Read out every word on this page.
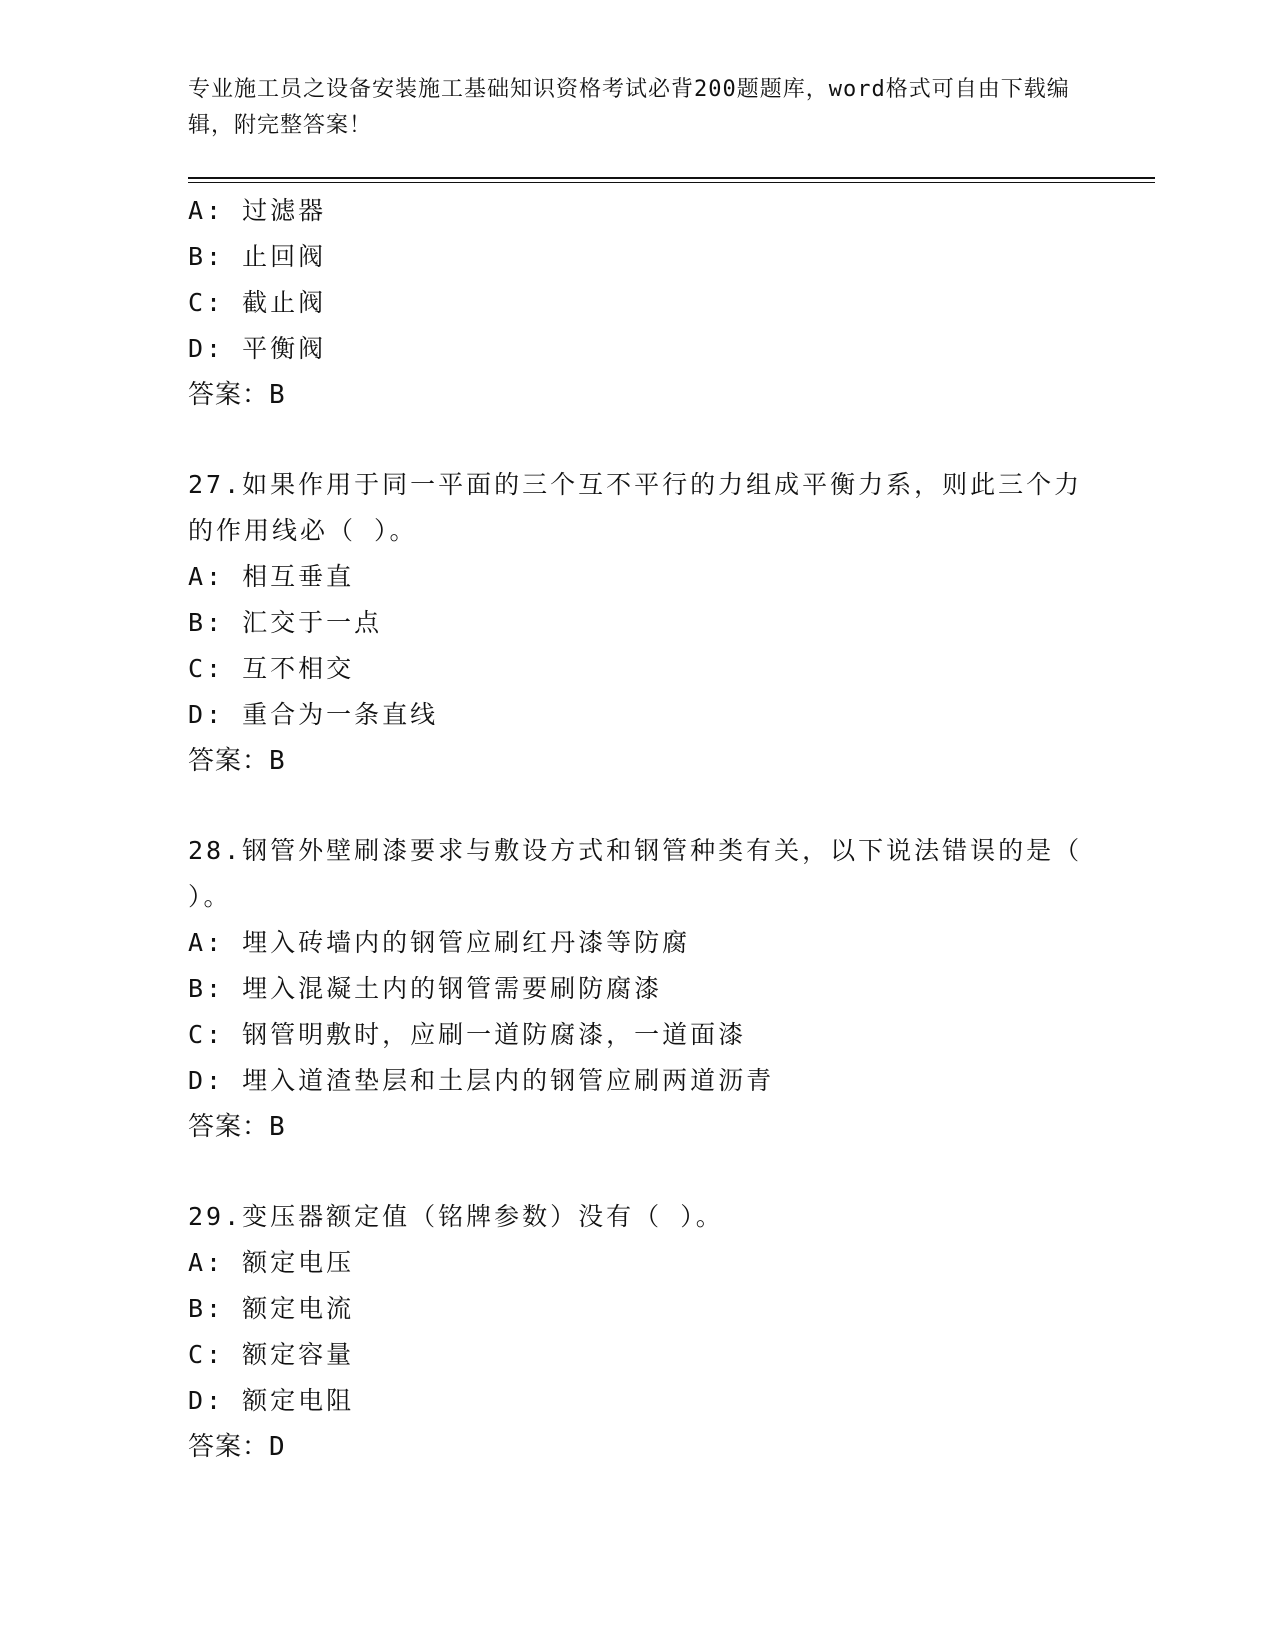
专业施工员之设备安装施工基础知识资格考试必背200题题库，word格式可自由下载编辑，附完整答案！
A: 过滤器
B: 止回阀
C: 截止阀
D: 平衡阀
答案：B
27.如果作用于同一平面的三个互不平行的力组成平衡力系，则此三个力的作用线必（ ）。
A: 相互垂直
B: 汇交于一点
C: 互不相交
D: 重合为一条直线
答案：B
28.钢管外壁刷漆要求与敷设方式和钢管种类有关，以下说法错误的是（ ）。
A: 埋入砖墙内的钢管应刷红丹漆等防腐
B: 埋入混凝土内的钢管需要刷防腐漆
C: 钢管明敷时，应刷一道防腐漆，一道面漆
D: 埋入道渣垫层和土层内的钢管应刷两道沥青
答案：B
29.变压器额定值（铭牌参数）没有（ ）。
A: 额定电压
B: 额定电流
C: 额定容量
D: 额定电阻
答案：D
